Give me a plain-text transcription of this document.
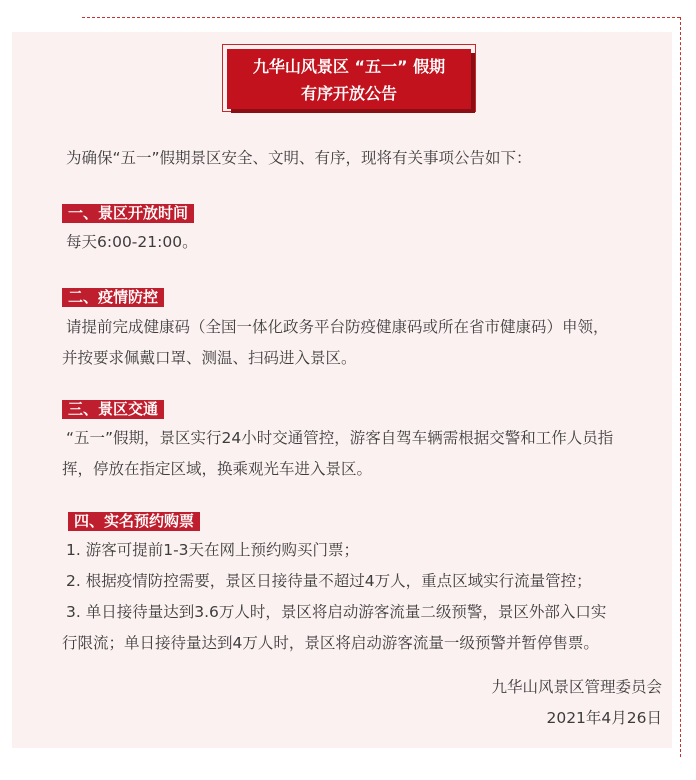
九华山风景区 “五一” 假期
有序开放公告
为确保“五一”假期景区安全、文明、有序，现将有关事项公告如下：
一、景区开放时间
每天6:00-21:00。
二、疫情防控
请提前完成健康码（全国一体化政务平台防疫健康码或所在省市健康码）申领，
并按要求佩戴口罩、测温、扫码进入景区。
三、景区交通
“五一”假期，景区实行24小时交通管控，游客自驾车辆需根据交警和工作人员指
挥，停放在指定区域，换乘观光车进入景区。
四、实名预约购票
1. 游客可提前1-3天在网上预约购买门票；
2. 根据疫情防控需要，景区日接待量不超过4万人，重点区域实行流量管控；
3. 单日接待量达到3.6万人时，景区将启动游客流量二级预警，景区外部入口实
行限流；单日接待量达到4万人时，景区将启动游客流量一级预警并暂停售票。
九华山风景区管理委员会
2021年4月26日
